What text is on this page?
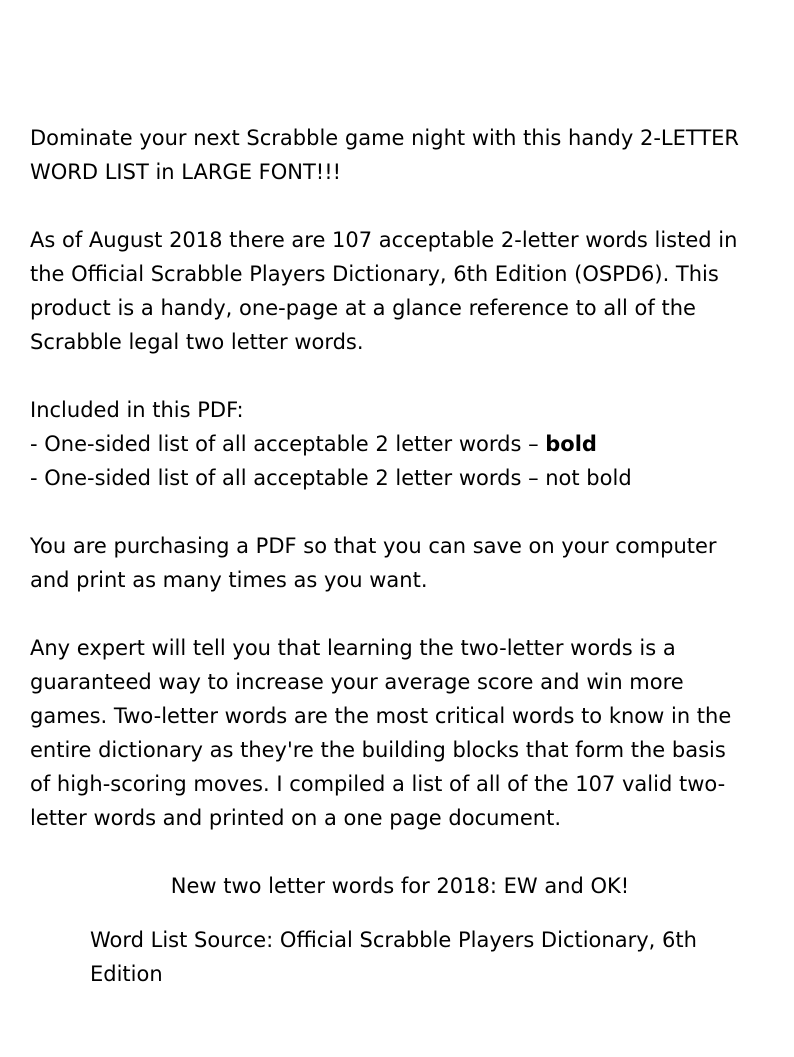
Dominate your next Scrabble game night with this handy 2-LETTER
WORD LIST in LARGE FONT!!!

As of August 2018 there are 107 acceptable 2-letter words listed in
the Official Scrabble Players Dictionary, 6th Edition (OSPD6). This
product is a handy, one-page at a glance reference to all of the
Scrabble legal two letter words.

Included in this PDF:
- One-sided list of all acceptable 2 letter words – bold
- One-sided list of all acceptable 2 letter words – not bold

You are purchasing a PDF so that you can save on your computer
and print as many times as you want.

Any expert will tell you that learning the two-letter words is a
guaranteed way to increase your average score and win more
games. Two-letter words are the most critical words to know in the
entire dictionary as they're the building blocks that form the basis
of high-scoring moves. I compiled a list of all of the 107 valid two-
letter words and printed on a one page document.

New two letter words for 2018: EW and OK!

Word List Source: Official Scrabble Players Dictionary, 6th Edition
